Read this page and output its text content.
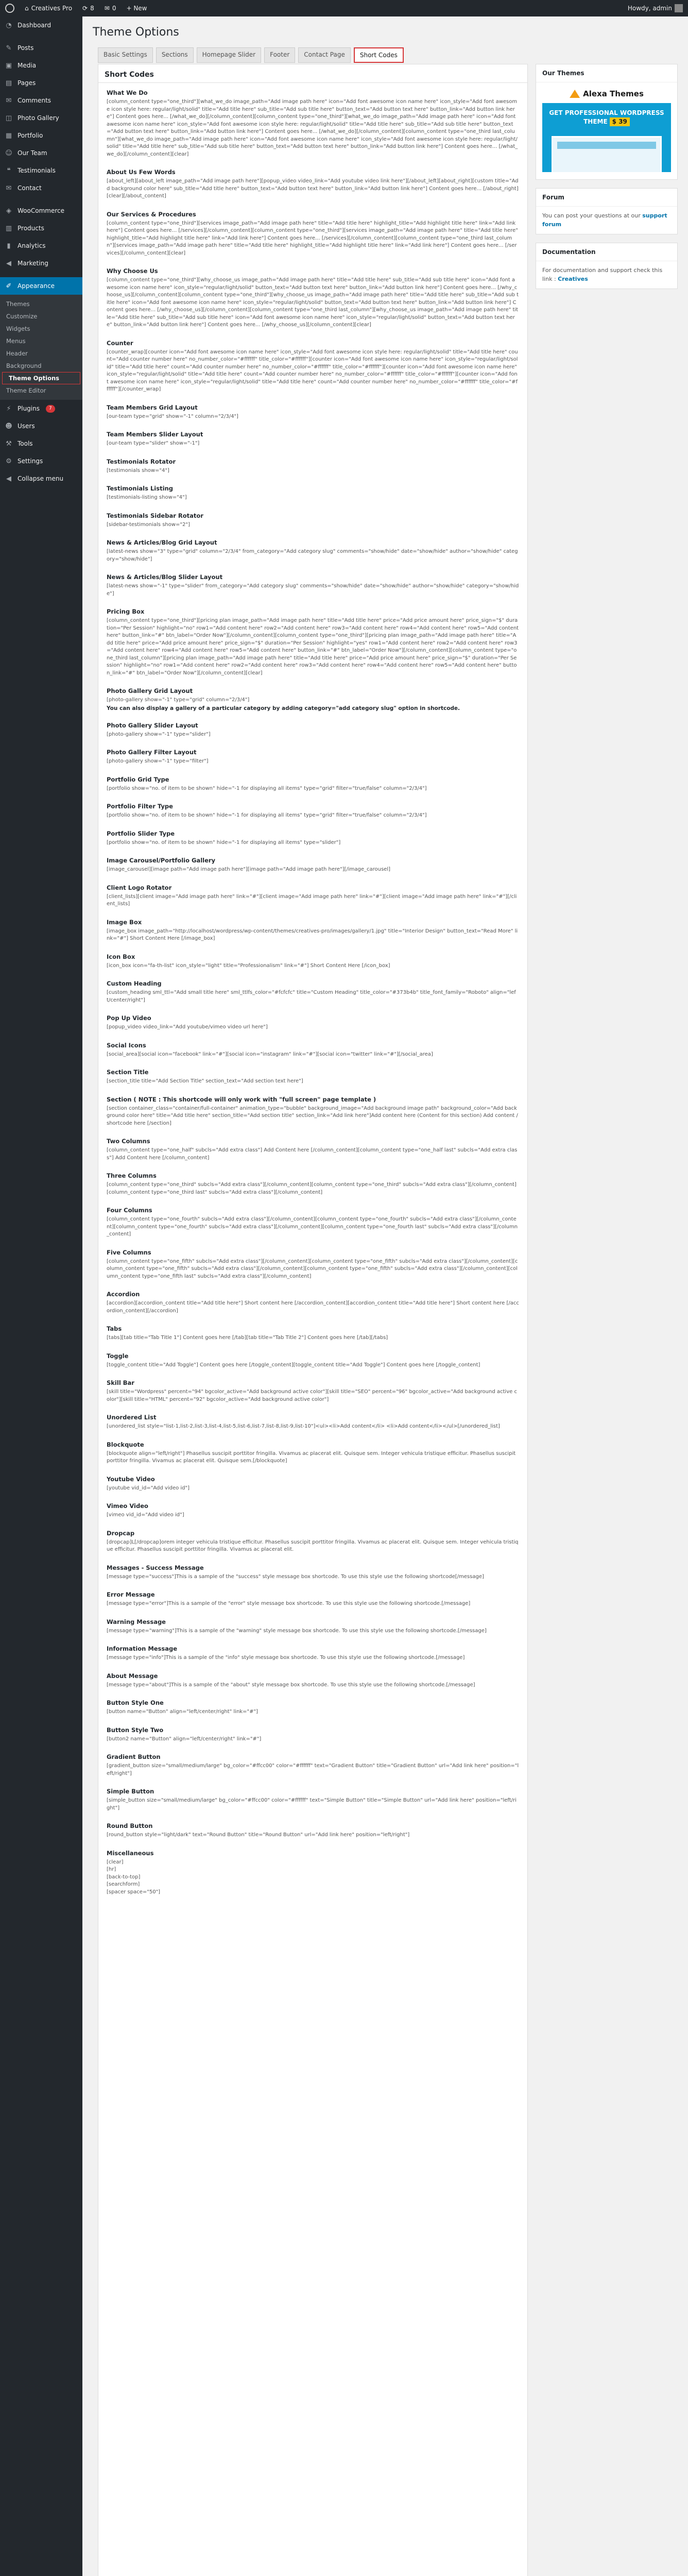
⌂ Creatives Pro ⟳ 8 ✉ 0 + New	Howdy, admin
◔ Dashboard
✎ Posts
▣ Media
▤ Pages
✉ Comments
◫ Photo Gallery
▦ Portfolio
☺ Our Team
❝	Testimonials
✉ Contact
◈	WooCommerce
▥ Products
▮	Analytics
◀	Marketing
✐ Appearance
Themes
Customize
Widgets
Menus
Header
Background
Theme Options
Theme Editor
⚡	Plugins	7
☻ Users
⚒ Tools
⚙ Settings
◀	Collapse menu
Theme Options
Basic Settings	Sections	Homepage Slider	Footer	Contact Page	Short Codes
Short Codes
What We Do
[column_content type="one_third"][what_we_do image_path="Add image path here" icon="Add font awesome icon name here" icon_style="Add font awesome icon style here: regular/light/solid" title="Add title here" sub_title="Add sub title here" button_text="Add button text here" button_link="Add button link here"] Content goes here... [/what_we_do][/column_content][column_content type="one_third"][what_we_do image_path="Add image path here" icon="Add font awesome icon name here" icon_style="Add font awesome icon style here: regular/light/solid" title="Add title here" sub_title="Add sub title here" button_text="Add button text here" button_link="Add button link here"] Content goes here... [/what_we_do][/column_content][column_content type="one_third last_column"][what_we_do image_path="Add image path here" icon="Add font awesome icon name here" icon_style="Add font awesome icon style here: regular/light/solid" title="Add title here" sub_title="Add sub title here" button_text="Add button text here" button_link="Add button link here"] Content goes here... [/what_we_do][/column_content][clear]
About Us Few Words
[about_left][about_left image_path="Add image path here"][popup_video video_link="Add youtube video link here"][/about_left][about_right][custom title="Add background color here" sub_title="Add title here" button_text="Add button text here" button_link="Add button link here"] Content goes here... [/about_right][clear][/about_content]
Our Services & Procedures
[column_content type="one_third"][services image_path="Add image path here" title="Add title here" highlight_title="Add highlight title here" link="Add link here"] Content goes here... [/services][/column_content][column_content type="one_third"][services image_path="Add image path here" title="Add title here" highlight_title="Add highlight title here" link="Add link here"] Content goes here... [/services][/column_content][column_content type="one_third last_column"][services image_path="Add image path here" title="Add title here" highlight_title="Add highlight title here" link="Add link here"] Content goes here... [/services][/column_content][clear]
Why Choose Us
[column_content type="one_third"][why_choose_us image_path="Add image path here" title="Add title here" sub_title="Add sub title here" icon="Add font awesome icon name here" icon_style="regular/light/solid" button_text="Add button text here" button_link="Add button link here"] Content goes here... [/why_choose_us][/column_content][column_content type="one_third"][why_choose_us image_path="Add image path here" title="Add title here" sub_title="Add sub title here" icon="Add font awesome icon name here" icon_style="regular/light/solid" button_text="Add button text here" button_link="Add button link here"] Content goes here... [/why_choose_us][/column_content][column_content type="one_third last_column"][why_choose_us image_path="Add image path here" title="Add title here" sub_title="Add sub title here" icon="Add font awesome icon name here" icon_style="regular/light/solid" button_text="Add button text here" button_link="Add button link here"] Content goes here... [/why_choose_us][/column_content][clear]
Counter
[counter_wrap][counter icon="Add font awesome icon name here" icon_style="Add font awesome icon style here: regular/light/solid" title="Add title here" count="Add counter number here" no_number_color="#ffffff" title_color="#ffffff"][counter icon="Add font awesome icon name here" icon_style="regular/light/solid" title="Add title here" count="Add counter number here" no_number_color="#ffffff" title_color="#ffffff"][counter icon="Add font awesome icon name here" icon_style="regular/light/solid" title="Add title here" count="Add counter number here" no_number_color="#ffffff" title_color="#ffffff"][counter icon="Add font awesome icon name here" icon_style="regular/light/solid" title="Add title here" count="Add counter number here" no_number_color="#ffffff" title_color="#ffffff"][/counter_wrap]
Team Members Grid Layout
[our-team type="grid" show="-1" column="2/3/4"]
Team Members Slider Layout
[our-team type="slider" show="-1"]
Testimonials Rotator
[testimonials show="4"]
Testimonials Listing
[testimonials-listing show="4"]
Testimonials Sidebar Rotator
[sidebar-testimonials show="2"]
News & Articles/Blog Grid Layout
[latest-news show="3" type="grid" column="2/3/4" from_category="Add category slug" comments="show/hide" date="show/hide" author="show/hide" category="show/hide"]
News & Articles/Blog Slider Layout
[latest-news show="-1" type="slider" from_category="Add category slug" comments="show/hide" date="show/hide" author="show/hide" category="show/hide"]
Pricing Box
[column_content type="one_third"][pricing plan image_path="Add image path here" title="Add title here" price="Add price amount here" price_sign="$" duration="Per Session" highlight="no" row1="Add content here" row2="Add content here" row3="Add content here" row4="Add content here" row5="Add content here" button_link="#" btn_label="Order Now"][/column_content][column_content type="one_third"][pricing plan image_path="Add image path here" title="Add title here" price="Add price amount here" price_sign="$" duration="Per Session" highlight="yes" row1="Add content here" row2="Add content here" row3="Add content here" row4="Add content here" row5="Add content here" button_link="#" btn_label="Order Now"][/column_content][column_content type="one_third last_column"][pricing plan image_path="Add image path here" title="Add title here" price="Add price amount here" price_sign="$" duration="Per Session" highlight="no" row1="Add content here" row2="Add content here" row3="Add content here" row4="Add content here" row5="Add content here" button_link="#" btn_label="Order Now"][/column_content][clear]
Photo Gallery Grid Layout
[photo-gallery show="-1" type="grid" column="2/3/4"]
You can also display a gallery of a particular category by adding category="add category slug" option in shortcode.
Photo Gallery Slider Layout
[photo-gallery show="-1" type="slider"]
Photo Gallery Filter Layout
[photo-gallery show="-1" type="filter"]
Portfolio Grid Type
[portfolio show="no. of item to be shown" hide="-1 for displaying all items" type="grid" filter="true/false" column="2/3/4"]
Portfolio Filter Type
[portfolio show="no. of item to be shown" hide="-1 for displaying all items" type="grid" filter="true/false" column="2/3/4"]
Portfolio Slider Type
[portfolio show="no. of item to be shown" hide="-1 for displaying all items" type="slider"]
Image Carousel/Portfolio Gallery
[image_carousel][image path="Add image path here"][image path="Add image path here"][/image_carousel]
Client Logo Rotator
[client_lists][client image="Add image path here" link="#"][client image="Add image path here" link="#"][client image="Add image path here" link="#"][/client_lists]
Image Box
[image_box image_path="http://localhost/wordpress/wp-content/themes/creatives-pro/images/gallery/1.jpg" title="Interior Design" button_text="Read More" link="#"] Short Content Here [/image_box]
Icon Box
[icon_box icon="fa-th-list" icon_style="light" title="Professionalism" link="#"] Short Content Here [/icon_box]
Custom Heading
[custom_heading sml_ttl="Add small title here" sml_ttlfs_color="#fcfcfc" title="Custom Heading" title_color="#373b4b" title_font_family="Roboto" align="left/center/right"]
Pop Up Video
[popup_video video_link="Add youtube/vimeo video url here"]
Social Icons
[social_area][social icon="facebook" link="#"][social icon="instagram" link="#"][social icon="twitter" link="#"][/social_area]
Section Title
[section_title title="Add Section Title" section_text="Add section text here"]
Section ( NOTE : This shortcode will only work with "full screen" page template )
[section container_class="container/full-container" animation_type="bubble" background_image="Add background image path" background_color="Add background color here" title="Add title here" section_title="Add section title" section_link="Add link here"]Add content here (Content for this section) Add content / shortcode here [/section]
Two Columns
[column_content type="one_half" subcls="Add extra class"] Add Content here [/column_content][column_content type="one_half last" subcls="Add extra class"] Add Content here [/column_content]
Three Columns
[column_content type="one_third" subcls="Add extra class"][/column_content][column_content type="one_third" subcls="Add extra class"][/column_content][column_content type="one_third last" subcls="Add extra class"][/column_content]
Four Columns
[column_content type="one_fourth" subcls="Add extra class"][/column_content][column_content type="one_fourth" subcls="Add extra class"][/column_content][column_content type="one_fourth" subcls="Add extra class"][/column_content][column_content type="one_fourth last" subcls="Add extra class"][/column_content]
Five Columns
[column_content type="one_fifth" subcls="Add extra class"][/column_content][column_content type="one_fifth" subcls="Add extra class"][/column_content][column_content type="one_fifth" subcls="Add extra class"][/column_content][column_content type="one_fifth" subcls="Add extra class"][/column_content][column_content type="one_fifth last" subcls="Add extra class"][/column_content]
Accordion
[accordion][accordion_content title="Add title here"] Short content here [/accordion_content][accordion_content title="Add title here"] Short content here [/accordion_content][/accordion]
Tabs
[tabs][tab title="Tab Title 1"] Content goes here [/tab][tab title="Tab Title 2"] Content goes here [/tab][/tabs]
Toggle
[toggle_content title="Add Toggle"] Content goes here [/toggle_content][toggle_content title="Add Toggle"] Content goes here [/toggle_content]
Skill Bar
[skill title="Wordpress" percent="94" bgcolor_active="Add background active color"][skill title="SEO" percent="96" bgcolor_active="Add background active color"][skill title="HTML" percent="92" bgcolor_active="Add background active color"]
Unordered List
[unordered_list style="list-1,list-2,list-3,list-4,list-5,list-6,list-7,list-8,list-9,list-10"]<ul><li>Add content</li> <li>Add content</li></ul>[/unordered_list]
Blockquote
[blockquote align="left/right"] Phasellus suscipit porttitor fringilla. Vivamus ac placerat elit. Quisque sem. Integer vehicula tristique efficitur. Phasellus suscipit porttitor fringilla. Vivamus ac placerat elit. Quisque sem.[/blockquote]
Youtube Video
[youtube vid_id="Add video id"]
Vimeo Video
[vimeo vid_id="Add video id"]
Dropcap
[dropcap]L[/dropcap]orem integer vehicula tristique efficitur. Phasellus suscipit porttitor fringilla. Vivamus ac placerat elit. Quisque sem. Integer vehicula tristique efficitur. Phasellus suscipit porttitor fringilla. Vivamus ac placerat elit.
Messages - Success Message
[message type="success"]This is a sample of the "success" style message box shortcode. To use this style use the following shortcode[/message]
Error Message
[message type="error"]This is a sample of the "error" style message box shortcode. To use this style use the following shortcode.[/message]
Warning Message
[message type="warning"]This is a sample of the "warning" style message box shortcode. To use this style use the following shortcode.[/message]
Information Message
[message type="info"]This is a sample of the "info" style message box shortcode. To use this style use the following shortcode.[/message]
About Message
[message type="about"]This is a sample of the "about" style message box shortcode. To use this style use the following shortcode.[/message]
Button Style One
[button name="Button" align="left/center/right" link="#"]
Button Style Two
[button2 name="Button" align="left/center/right" link="#"]
Gradient Button
[gradient_button size="small/medium/large" bg_color="#ffcc00" color="#ffffff" text="Gradient Button" title="Gradient Button" url="Add link here" position="left/right"]
Simple Button
[simple_button size="small/medium/large" bg_color="#ffcc00" color="#ffffff" text="Simple Button" title="Simple Button" url="Add link here" position="left/right"]
Round Button
[round_button style="light/dark" text="Round Button" title="Round Button" url="Add link here" position="left/right"]
Miscellaneous
[clear]
[hr]
[back-to-top]
[searchform]
[spacer space="50"]
Our Themes
Alexa Themes
GET PROFESSIONAL WORDPRESS THEME $ 39
Forum
You can post your questions at our support forum
Documentation
For documentation and support check this link : Creatives
